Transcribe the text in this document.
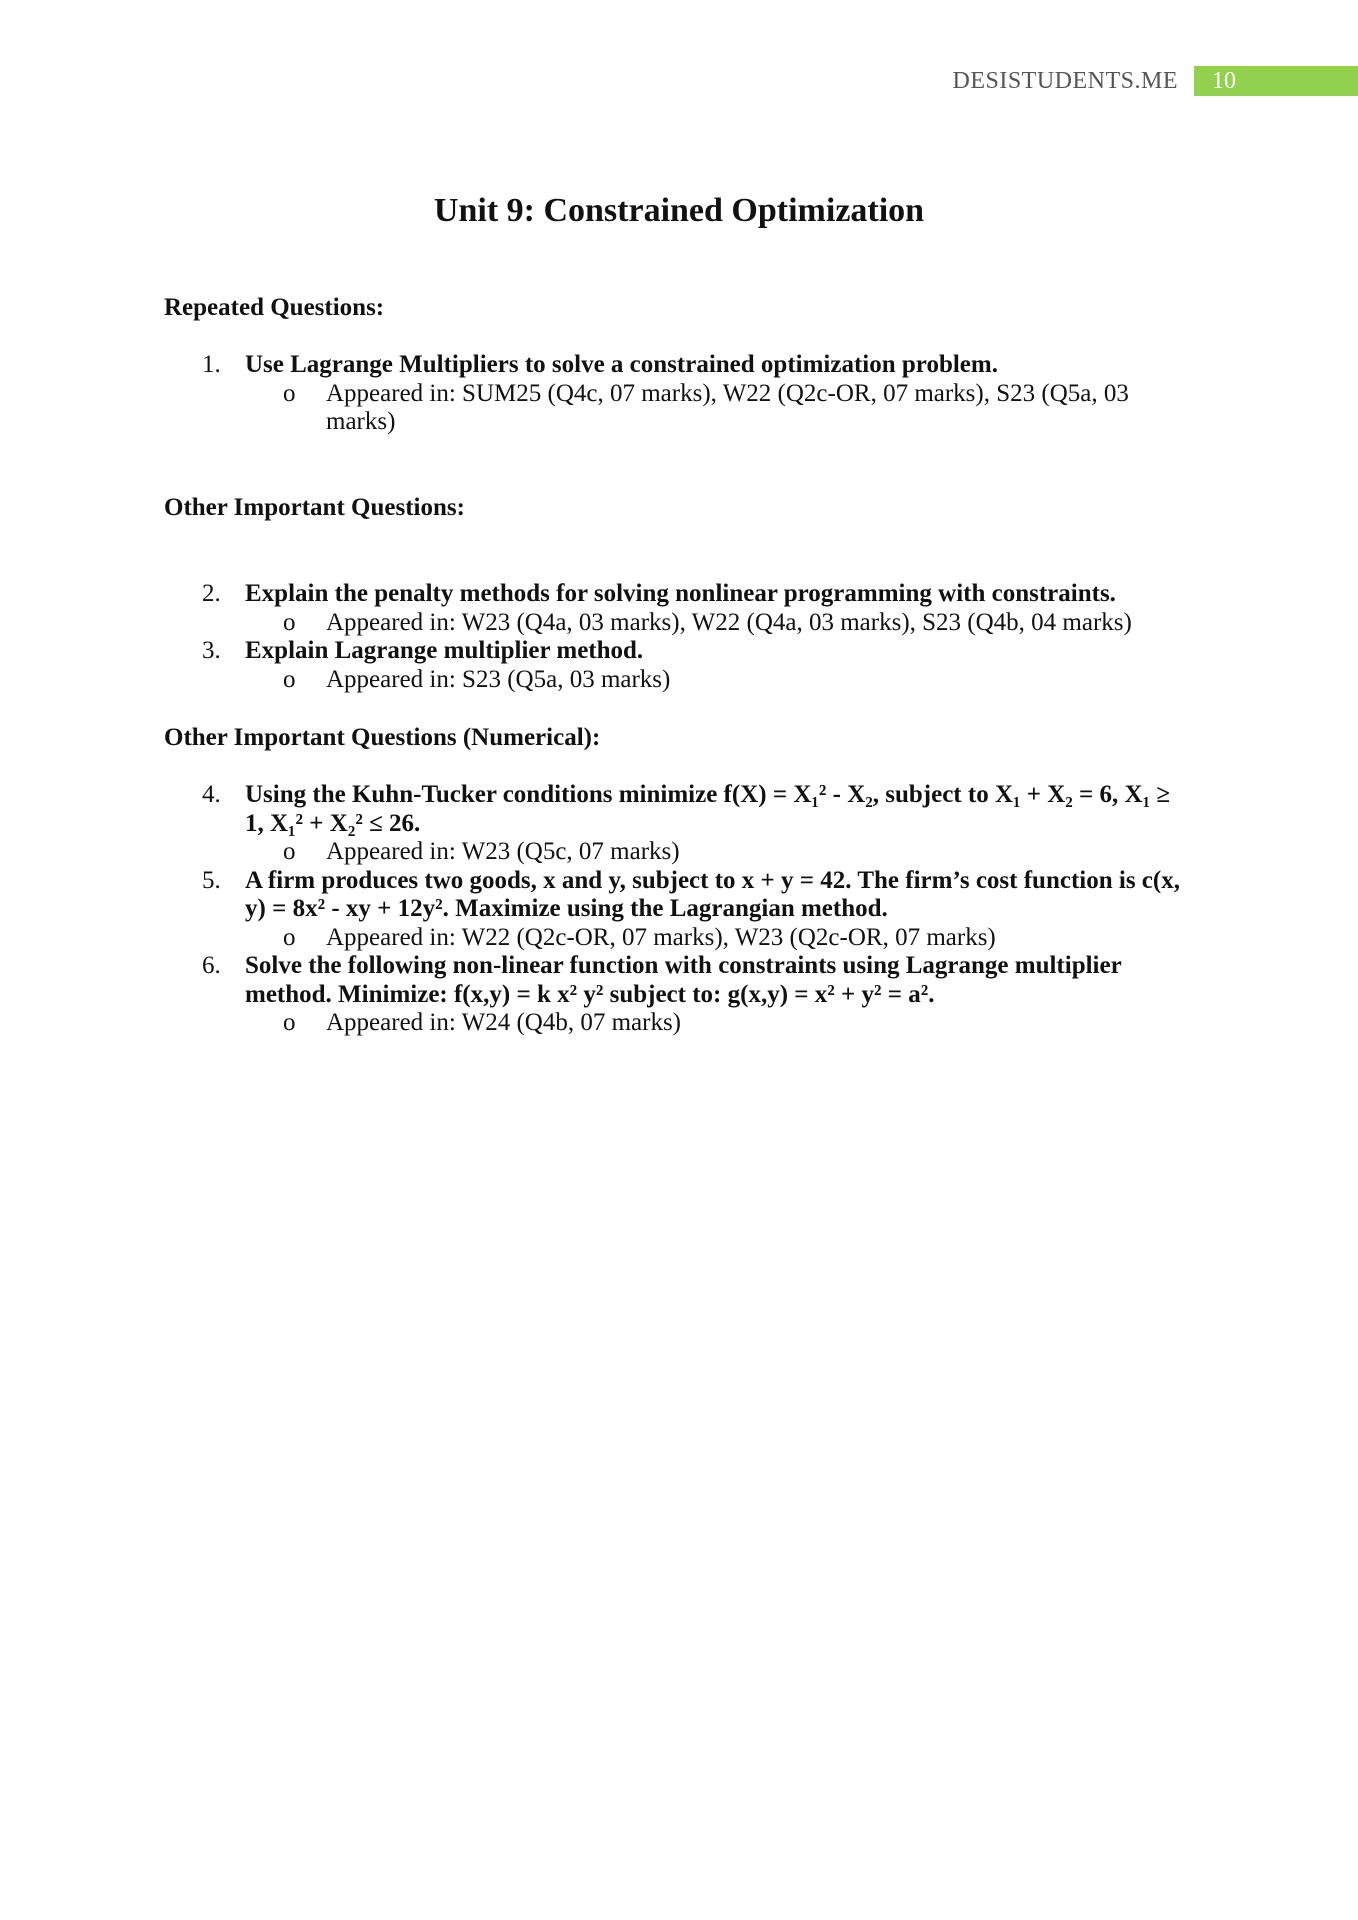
DESISTUDENTS.ME	10
Unit 9: Constrained Optimization
Repeated Questions:
1. Use Lagrange Multipliers to solve a constrained optimization problem.
o Appeared in: SUM25 (Q4c, 07 marks), W22 (Q2c-OR, 07 marks), S23 (Q5a, 03 marks)
Other Important Questions:
2. Explain the penalty methods for solving nonlinear programming with constraints.
o Appeared in: W23 (Q4a, 03 marks), W22 (Q4a, 03 marks), S23 (Q4b, 04 marks)
3. Explain Lagrange multiplier method.
o Appeared in: S23 (Q5a, 03 marks)
Other Important Questions (Numerical):
4. Using the Kuhn-Tucker conditions minimize f(X) = X₁² - X₂, subject to X₁ + X₂ = 6, X₁ ≥ 1, X₁² + X₂² ≤ 26.
o Appeared in: W23 (Q5c, 07 marks)
5. A firm produces two goods, x and y, subject to x + y = 42. The firm’s cost function is c(x, y) = 8x² - xy + 12y². Maximize using the Lagrangian method.
o Appeared in: W22 (Q2c-OR, 07 marks), W23 (Q2c-OR, 07 marks)
6. Solve the following non-linear function with constraints using Lagrange multiplier method. Minimize: f(x,y) = k x² y² subject to: g(x,y) = x² + y² = a².
o Appeared in: W24 (Q4b, 07 marks)
